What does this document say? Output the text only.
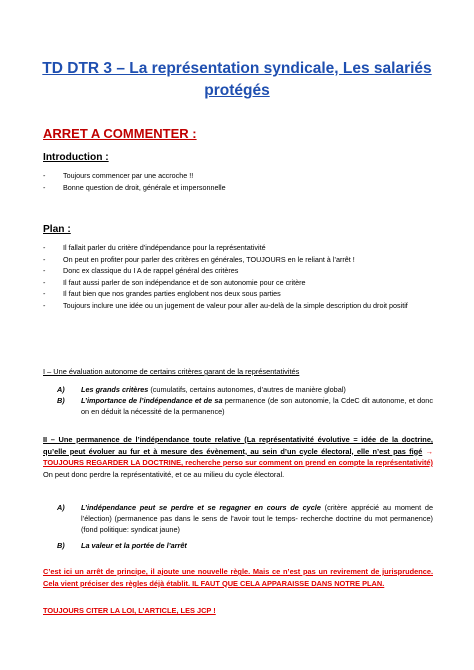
TD DTR 3 – La représentation syndicale, Les salariés
protégés
ARRET A COMMENTER :
Introduction :
- Toujours commencer par une accroche !!
- Bonne question de droit, générale et impersonnelle
Plan :
- Il fallait parler du critère d’indépendance pour la représentativité
- On peut en profiter pour parler des critères en générales, TOUJOURS en le reliant à l’arrêt !
- Donc ex classique du I A de rappel général des critères
- Il faut aussi parler de son indépendance et de son autonomie pour ce critère
- Il faut bien que nos grandes parties englobent nos deux sous parties
- Toujours inclure une idée ou un jugement de valeur pour aller au-delà de la simple description du droit positif
I – Une évaluation autonome de certains critères garant de la représentativités
A) Les grands critères (cumulatifs, certains autonomes, d’autres de manière global)
B) L’importance de l’indépendance et de sa permanence (de son autonomie, la CdeC dit autonome, et donc on en déduit la nécessité de la permanence)
II – Une permanence de l’indépendance toute relative (La représentativité évolutive = idée de la doctrine, qu’elle peut évoluer au fur et à mesure des évènement, au sein d’un cycle électoral, elle n’est pas figé → TOUJOURS REGARDER LA DOCTRINE, recherche perso sur comment on prend en compte la représentativité) On peut donc perdre la représentativité, et ce au milieu du cycle électoral.
A) L’indépendance peut se perdre et se regagner en cours de cycle (critère apprécié au moment de l’élection) (permanence pas dans le sens de l’avoir tout le temps- recherche doctrine du mot permanence) (fond politique: syndicat jaune)
B) La valeur et la portée de l’arrêt
C’est ici un arrêt de principe, il ajoute une nouvelle règle. Mais ce n’est pas un revirement de jurisprudence. Cela vient préciser des règles déjà établit. IL FAUT QUE CELA APPARAISSE DANS NOTRE PLAN.
TOUJOURS CITER LA LOI, L’ARTICLE, LES JCP !
